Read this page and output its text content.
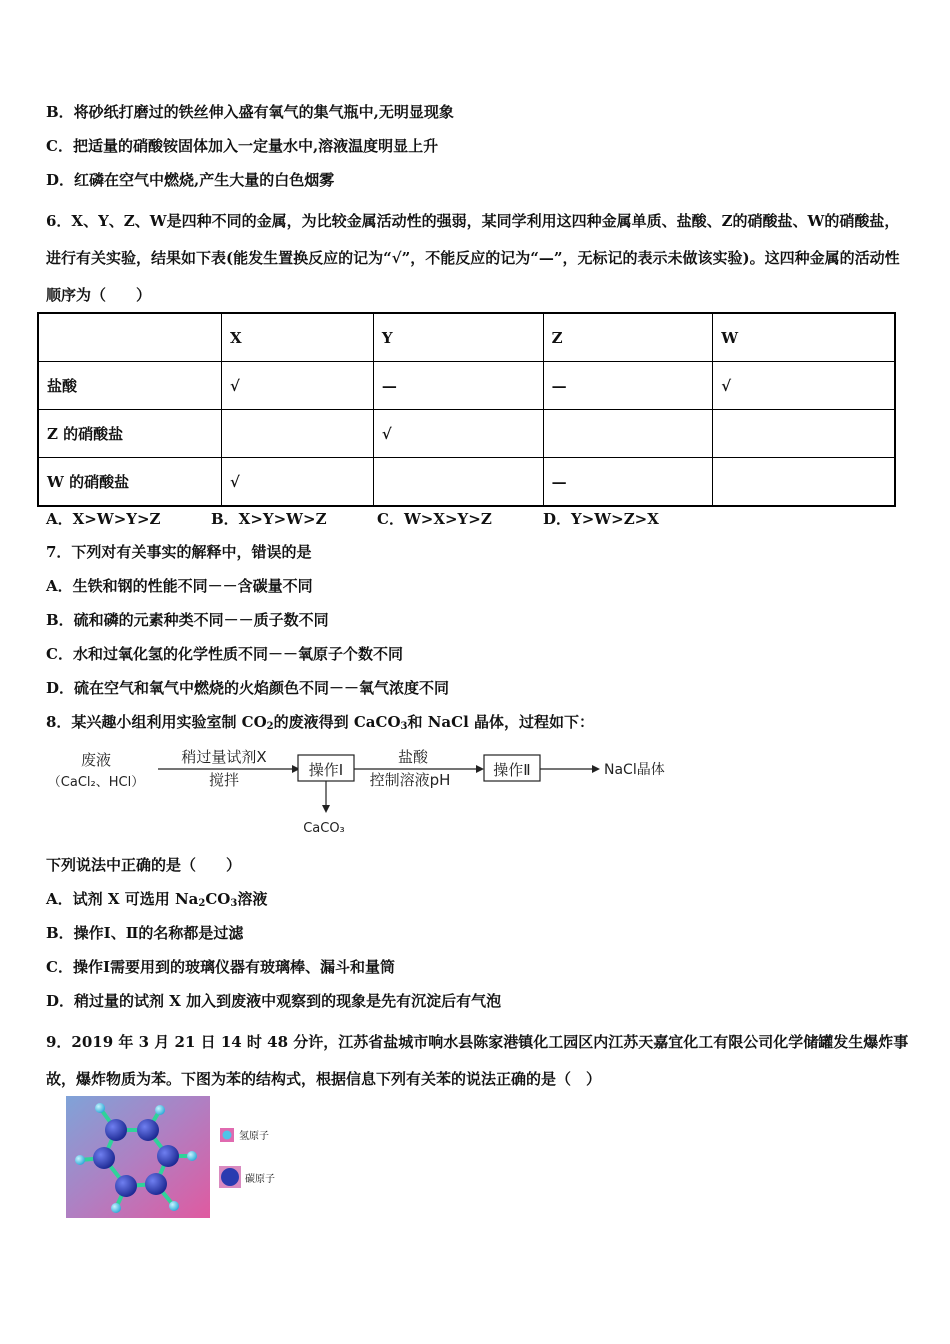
B．将砂纸打磨过的铁丝伸入盛有氧气的集气瓶中,无明显现象
C．把适量的硝酸铵固体加入一定量水中,溶液温度明显上升
D．红磷在空气中燃烧,产生大量的白色烟雾
6．X、Y、Z、W是四种不同的金属，为比较金属活动性的强弱，某同学利用这四种金属单质、盐酸、Z的硝酸盐、W的硝酸盐，进行有关实验，结果如下表(能发生置换反应的记为“√”，不能反应的记为“—”，无标记的表示未做该实验)。这四种金属的活动性顺序为（　　）
	X	Y	Z	W
盐酸	√	—	—	√
Z 的硝酸盐		√		
W 的硝酸盐	√		—	
A．X>W>Y>Z	B．X>Y>W>Z	C．W>X>Y>Z	D．Y>W>Z>X
7．下列对有关事实的解释中，错误的是
A．生铁和钢的性能不同－－含碳量不同
B．硫和磷的元素种类不同－－质子数不同
C．水和过氧化氢的化学性质不同－－氧原子个数不同
D．硫在空气和氧气中燃烧的火焰颜色不同－－氧气浓度不同
8．某兴趣小组利用实验室制 $CO_2$的废液得到 CaCO$_3$和 NaCl 晶体，过程如下：
废液
（CaCl₂、HCl）
稍过量试剂X
搅拌
操作Ⅰ
CaCO₃
盐酸
控制溶液pH
操作Ⅱ	NaCl晶体
下列说法中正确的是（　　）
A．试剂 X 可选用 $Na_2CO_3$溶液
B．操作Ⅰ、Ⅱ的名称都是过滤
C．操作Ⅰ需要用到的玻璃仪器有玻璃棒、漏斗和量筒
D．稍过量的试剂 X 加入到废液中观察到的现象是先有沉淀后有气泡
9．2019 年 3 月 21 日 14 时 48 分许，江苏省盐城市响水县陈家港镇化工园区内江苏天嘉宜化工有限公司化学储罐发生爆炸事故，爆炸物质为苯。下图为苯的结构式，根据信息下列有关苯的说法正确的是（　）
氢原子
碳原子
